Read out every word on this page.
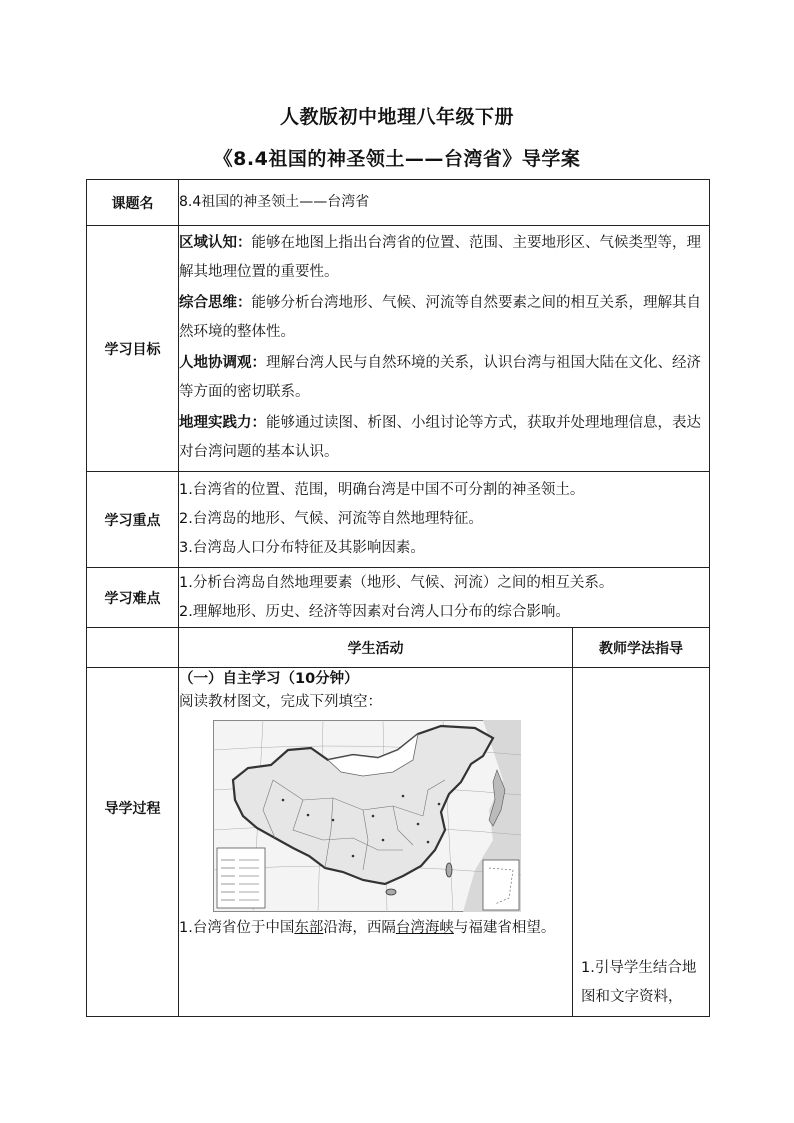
人教版初中地理八年级下册
《8.4祖国的神圣领土——台湾省》导学案
课题名	8.4祖国的神圣领土——台湾省	
学习目标	区域认知：能够在地图上指出台湾省的位置、范围、主要地形区、气候类型等，理解其地理位置的重要性。

综合思维：能够分析台湾地形、气候、河流等自然要素之间的相互关系，理解其自然环境的整体性。

人地协调观：理解台湾人民与自然环境的关系，认识台湾与祖国大陆在文化、经济等方面的密切联系。

地理实践力：能够通过读图、析图、小组讨论等方式，获取并处理地理信息，表达对台湾问题的基本认识。	

学习重点	1.台湾省的位置、范围，明确台湾是中国不可分割的神圣领土。

2.台湾岛的地形、气候、河流等自然地理特征。

3.台湾岛人口分布特征及其影响因素。	

学习难点	1.分析台湾岛自然地理要素（地形、气候、河流）之间的相互关系。

2.理解地形、历史、经济等因素对台湾人口分布的综合影响。	

	学生活动	教师学法指导
导学过程	（一）自主学习（10分钟）

阅读教材图文，完成下列填空：

1.台湾省位于中国东部沿海，西隔台湾海峡与福建省相望。	1.引导学生结合地图和文字资料，
